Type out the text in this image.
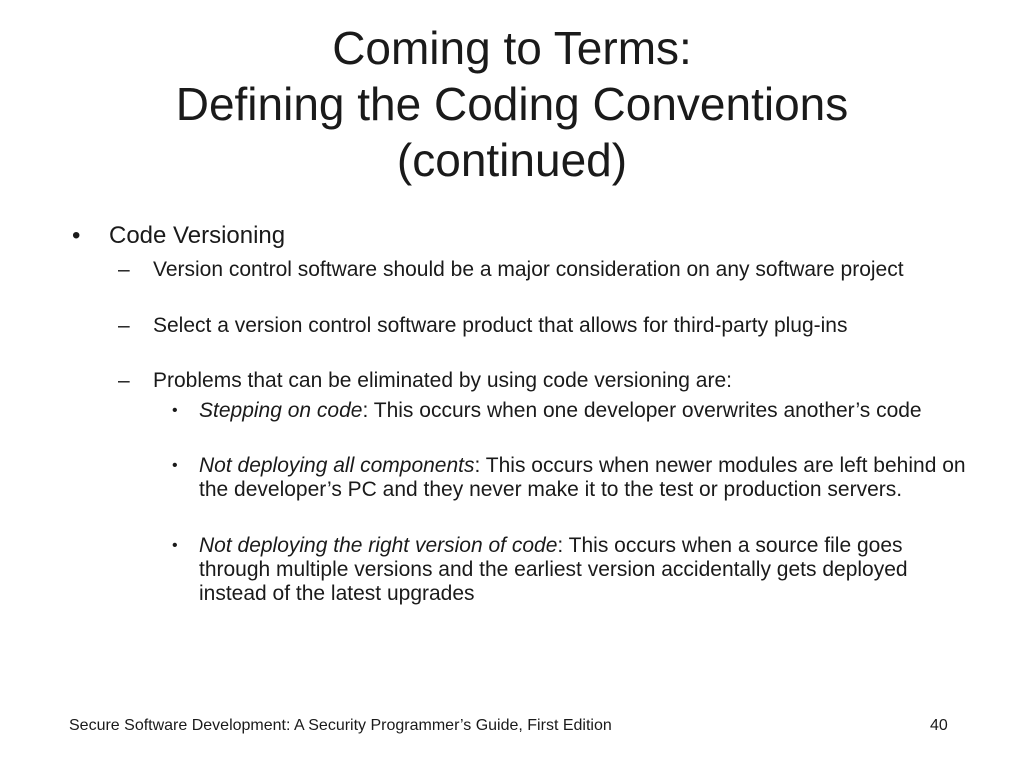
Coming to Terms:
Defining the Coding Conventions
(continued)
• Code Versioning
– Version control software should be a major consideration on any software project
– Select a version control software product that allows for third-party plug-ins
– Problems that can be eliminated by using code versioning are:
• Stepping on code: This occurs when one developer overwrites another’s code
• Not deploying all components: This occurs when newer modules are left behind on the developer’s PC and they never make it to the test or production servers.
• Not deploying the right version of code: This occurs when a source file goes through multiple versions and the earliest version accidentally gets deployed instead of the latest upgrades
Secure Software Development: A Security Programmer’s Guide, First Edition	40
